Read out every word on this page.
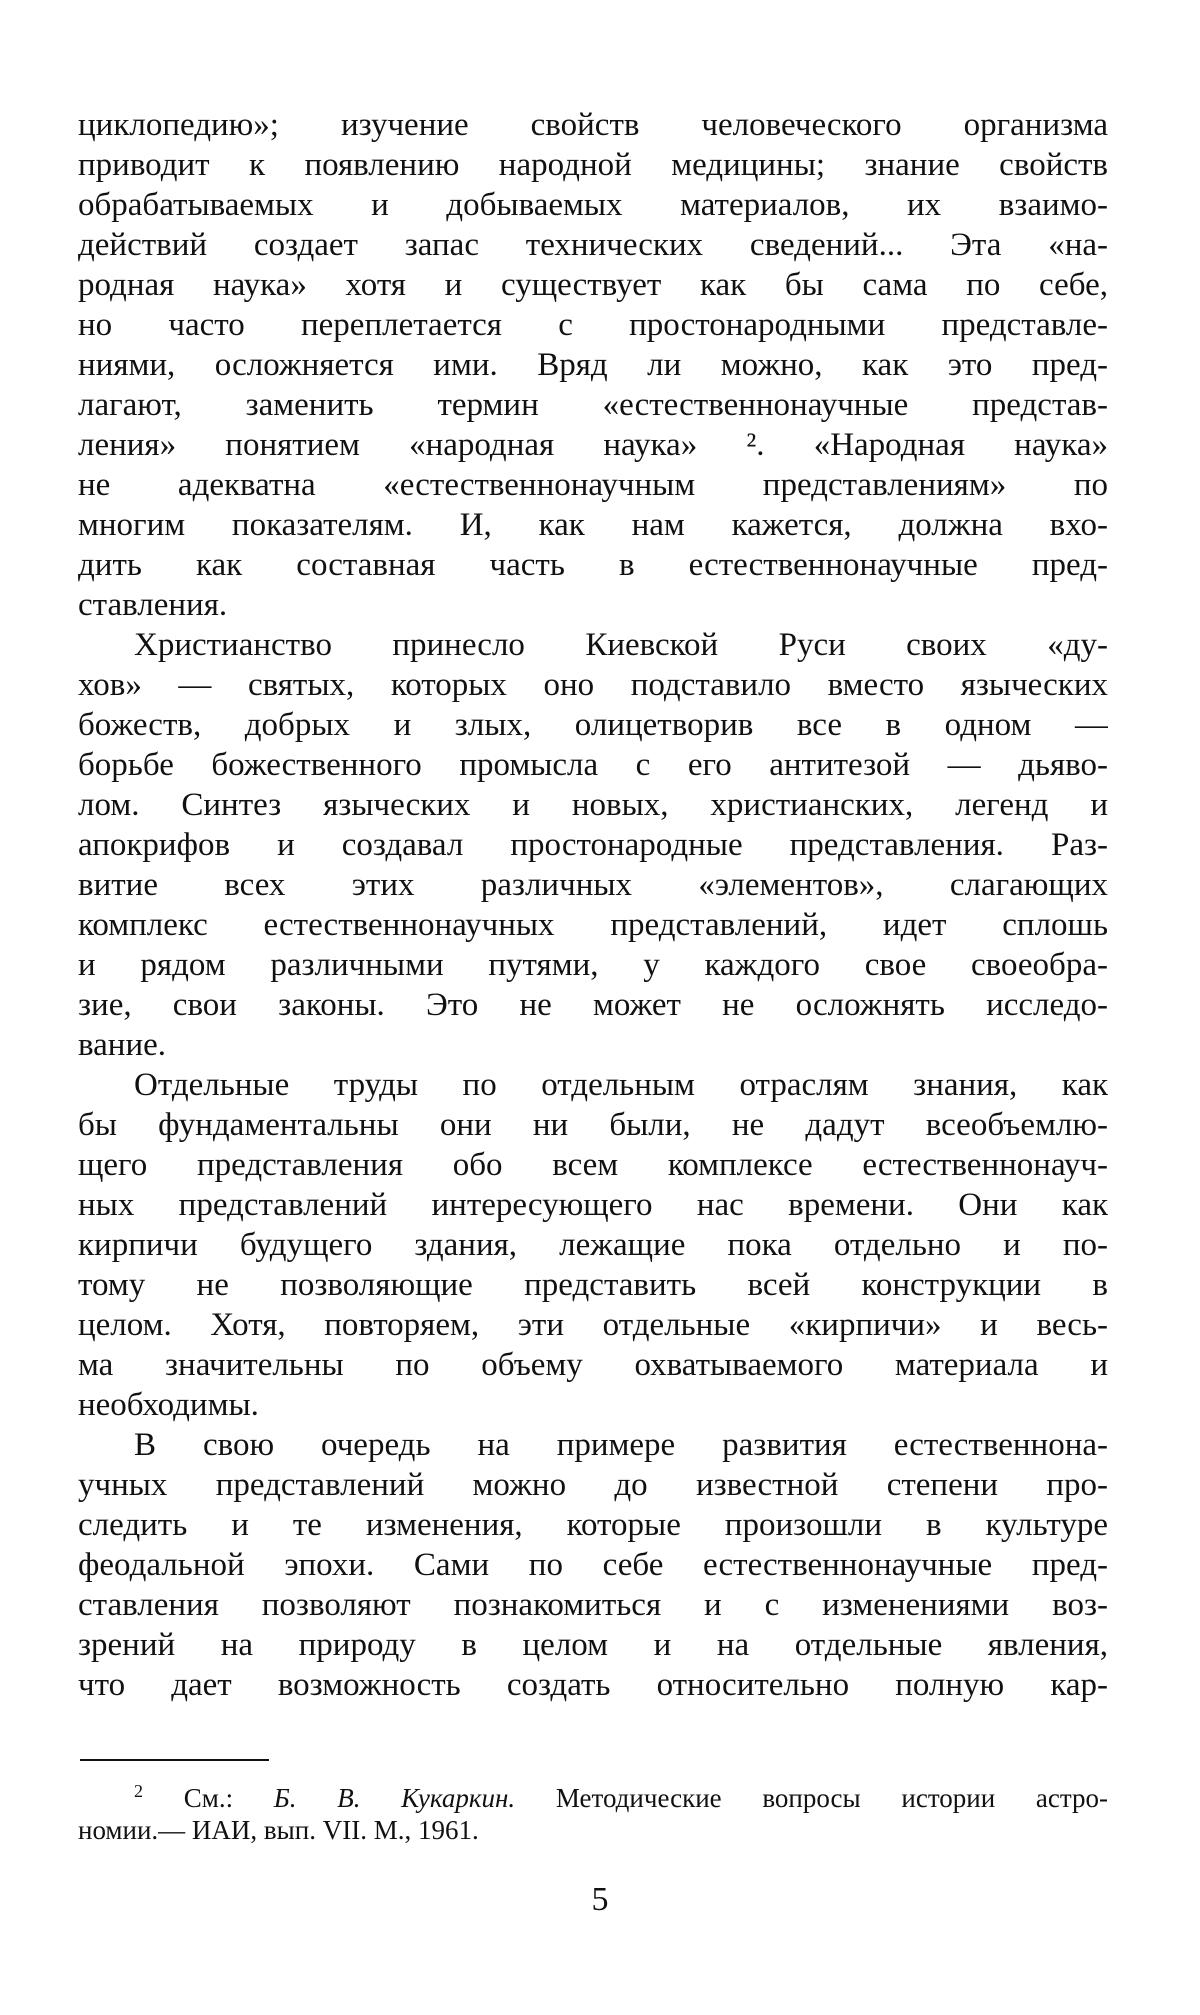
циклопедию»; изучение свойств человеческого организма
приводит к появлению народной медицины; знание свойств
обрабатываемых и добываемых материалов, их взаимо-
действий создает запас технических сведений... Эта «на-
родная наука» хотя и существует как бы сама по себе,
но часто переплетается с простонародными представле-
ниями, осложняется ими. Вряд ли можно, как это пред-
лагают, заменить термин «естественнонаучные представ-
ления» понятием «народная наука» ². «Народная наука»
не адекватна «естественнонаучным представлениям» по
многим показателям. И, как нам кажется, должна вхо-
дить как составная часть в естественнонаучные пред-
ставления.
Христианство принесло Киевской Руси своих «ду-
хов» — святых, которых оно подставило вместо языческих
божеств, добрых и злых, олицетворив все в одном —
борьбе божественного промысла с его антитезой — дьяво-
лом. Синтез языческих и новых, христианских, легенд и
апокрифов и создавал простонародные представления. Раз-
витие всех этих различных «элементов», слагающих
комплекс естественнонаучных представлений, идет сплошь
и рядом различными путями, у каждого свое своеобра-
зие, свои законы. Это не может не осложнять исследо-
вание.
Отдельные труды по отдельным отраслям знания, как
бы фундаментальны они ни были, не дадут всеобъемлю-
щего представления обо всем комплексе естественнонауч-
ных представлений интересующего нас времени. Они как
кирпичи будущего здания, лежащие пока отдельно и по-
тому не позволяющие представить всей конструкции в
целом. Хотя, повторяем, эти отдельные «кирпичи» и весь-
ма значительны по объему охватываемого материала и
необходимы.
В свою очередь на примере развития естественнона-
учных представлений можно до известной степени про-
следить и те изменения, которые произошли в культуре
феодальной эпохи. Сами по себе естественнонаучные пред-
ставления позволяют познакомиться и с изменениями воз-
зрений на природу в целом и на отдельные явления,
что дает возможность создать относительно полную кар-
$^2$ См.: Б. В. Кукаркин. Методические вопросы истории астро-
номии.— ИАИ, вып. VII. М., 1961.
5
